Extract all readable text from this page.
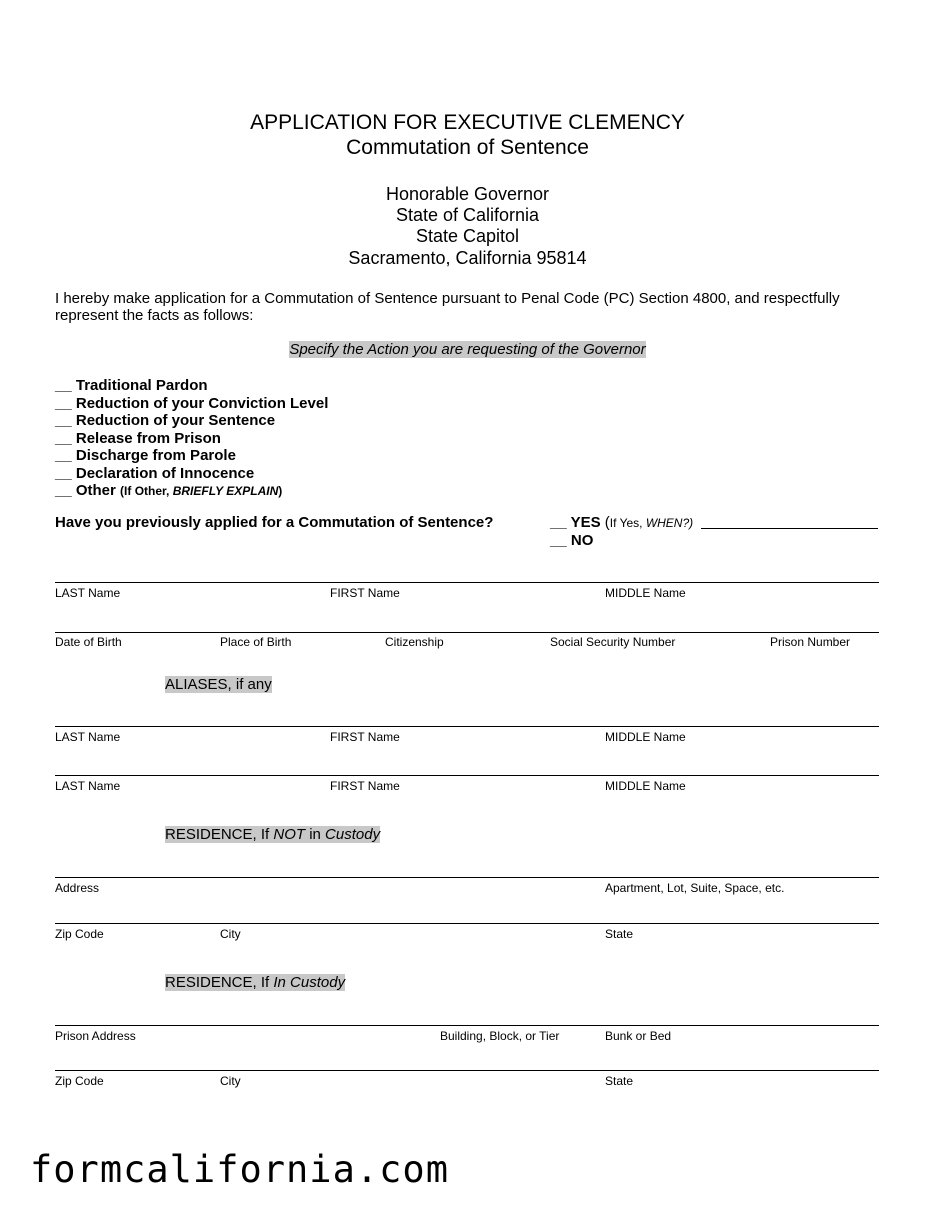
APPLICATION FOR EXECUTIVE CLEMENCY
Commutation of Sentence
Honorable Governor
State of California
State Capitol
Sacramento, California 95814
I hereby make application for a Commutation of Sentence pursuant to Penal Code (PC) Section 4800, and respectfully represent the facts as follows:
Specify the Action you are requesting of the Governor
__ Traditional Pardon
__ Reduction of your Conviction Level
__ Reduction of your Sentence
__ Release from Prison
__ Discharge from Parole
__ Declaration of Innocence
__ Other (If Other, BRIEFLY EXPLAIN)
Have you previously applied for a Commutation of Sentence?	__ YES (If Yes, WHEN?)
__ NO
LAST Name	FIRST Name	MIDDLE Name
Date of Birth	Place of Birth	Citizenship	Social Security Number	Prison Number
ALIASES, if any
LAST Name	FIRST Name	MIDDLE Name
LAST Name	FIRST Name	MIDDLE Name
RESIDENCE, If NOT in Custody
Address	Apartment, Lot, Suite, Space, etc.
Zip Code	City	State
RESIDENCE, If In Custody
Prison Address	Building, Block, or Tier	Bunk or Bed
Zip Code	City	State
formcalifornia.com
